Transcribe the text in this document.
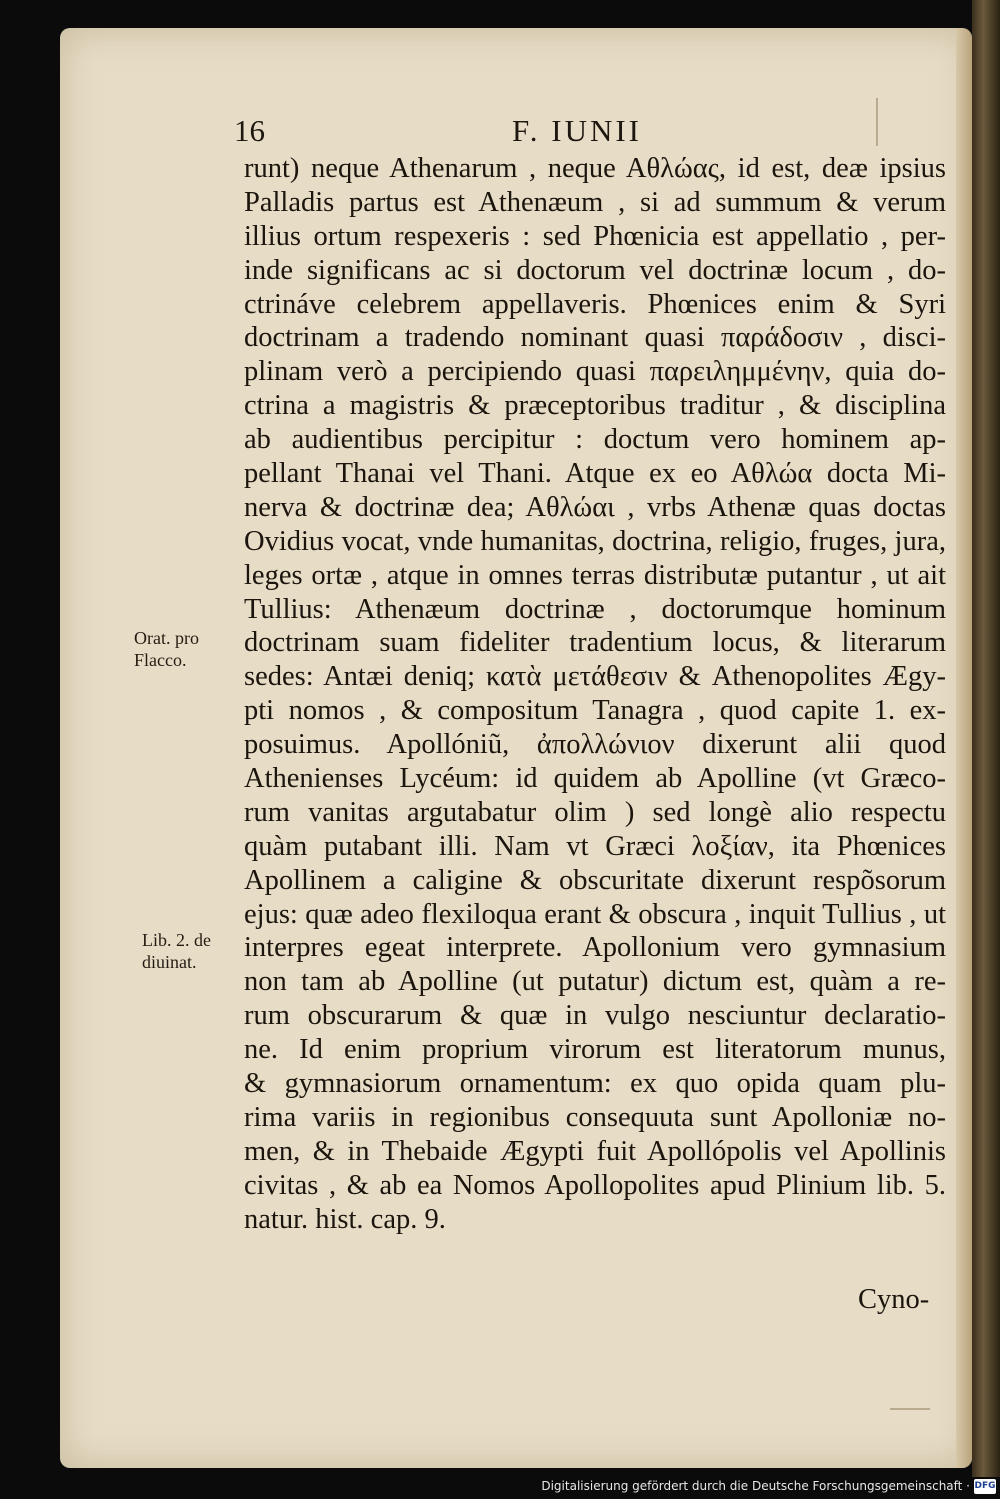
16	F. IUNII
runt) neque Athenarum , neque Aθλώας, id est, deæ ipsius
Palladis partus est Athenæum , si ad summum & verum
illius ortum respexeris : sed Phœnicia est appellatio , per-
inde significans ac si doctorum vel doctrinæ locum , do-
ctrináve celebrem appellaveris. Phœnices enim & Syri
doctrinam a tradendo nominant quasi παράδοσιν , disci-
plinam verò a percipiendo quasi παρειλημμένην, quia do-
ctrina a magistris & præceptoribus traditur , & disciplina
ab audientibus percipitur : doctum vero hominem ap-
pellant Thanai vel Thani. Atque ex eo Aθλώα docta Mi-
nerva & doctrinæ dea; Aθλώαι , vrbs Athenæ quas doctas
Ovidius vocat, vnde humanitas, doctrina, religio, fruges, jura,
leges ortæ , atque in omnes terras distributæ putantur , ut ait
Tullius: Athenæum doctrinæ , doctorumque hominum
doctrinam suam fideliter tradentium locus, & literarum
sedes: Antæi deniq; κατὰ μετάθεσιν & Athenopolites Ægy-
pti nomos , & compositum Tanagra , quod capite 1. ex-
posuimus. Apollóniũ, ἀπολλώνιον dixerunt alii quod
Athenienses Lycéum: id quidem ab Apolline (vt Græco-
rum vanitas argutabatur olim ) sed longè alio respectu
quàm putabant illi. Nam vt Græci λοξίαν, ita Phœnices
Apollinem a caligine & obscuritate dixerunt respõsorum
ejus: quæ adeo flexiloqua erant & obscura , inquit Tullius , ut
interpres egeat interprete. Apollonium vero gymnasium
non tam ab Apolline (ut putatur) dictum est, quàm a re-
rum obscurarum & quæ in vulgo nesciuntur declaratio-
ne. Id enim proprium virorum est literatorum munus,
& gymnasiorum ornamentum: ex quo opida quam plu-
rima variis in regionibus consequuta sunt Apolloniæ no-
men, & in Thebaide Ægypti fuit Apollópolis vel Apollinis
civitas , & ab ea Nomos Apollopolites apud Plinium lib. 5.
natur. hist. cap. 9.
Orat. pro
Flacco.
Lib. 2. de
diuinat.
Cyno-
Digitalisierung gefördert durch die Deutsche Forschungsgemeinschaft · DFG
